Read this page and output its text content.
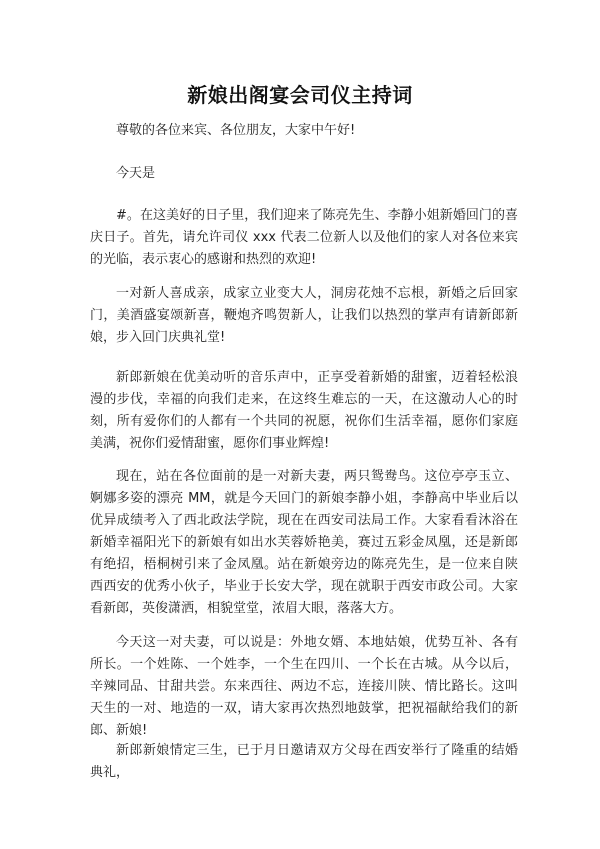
新娘出阁宴会司仪主持词

尊敬的各位来宾、各位朋友，大家中午好!

今天是

#。在这美好的日子里，我们迎来了陈亮先生、李静小姐新婚回门的喜庆日子。首先，请允许司仪 xxx 代表二位新人以及他们的家人对各位来宾的光临，表示衷心的感谢和热烈的欢迎!

一对新人喜成亲，成家立业变大人，洞房花烛不忘根，新婚之后回家门，美酒盛宴颂新喜，鞭炮齐鸣贺新人，让我们以热烈的掌声有请新郎新娘，步入回门庆典礼堂!

新郎新娘在优美动听的音乐声中，正享受着新婚的甜蜜，迈着轻松浪漫的步伐，幸福的向我们走来，在这终生难忘的一天，在这激动人心的时刻，所有爱你们的人都有一个共同的祝愿，祝你们生活幸福，愿你们家庭美满，祝你们爱情甜蜜，愿你们事业辉煌!

现在，站在各位面前的是一对新夫妻，两只鸳鸯鸟。这位亭亭玉立、婀娜多姿的漂亮 MM，就是今天回门的新娘李静小姐，李静高中毕业后以优异成绩考入了西北政法学院，现在在西安司法局工作。大家看看沐浴在新婚幸福阳光下的新娘有如出水芙蓉娇艳美，赛过五彩金凤凰，还是新郎有绝招，梧桐树引来了金凤凰。站在新娘旁边的陈亮先生，是一位来自陕西西安的优秀小伙子，毕业于长安大学，现在就职于西安市政公司。大家看新郎，英俊潇洒，相貌堂堂，浓眉大眼，落落大方。

今天这一对夫妻，可以说是：外地女婿、本地姑娘，优势互补、各有所长。一个姓陈、一个姓李，一个生在四川、一个长在古城。从今以后，辛辣同品、甘甜共尝。东来西往、两边不忘，连接川陕、情比路长。这叫天生的一对、地造的一双，请大家再次热烈地鼓掌，把祝福献给我们的新郎、新娘!

新郎新娘情定三生，已于月日邀请双方父母在西安举行了隆重的结婚典礼，
